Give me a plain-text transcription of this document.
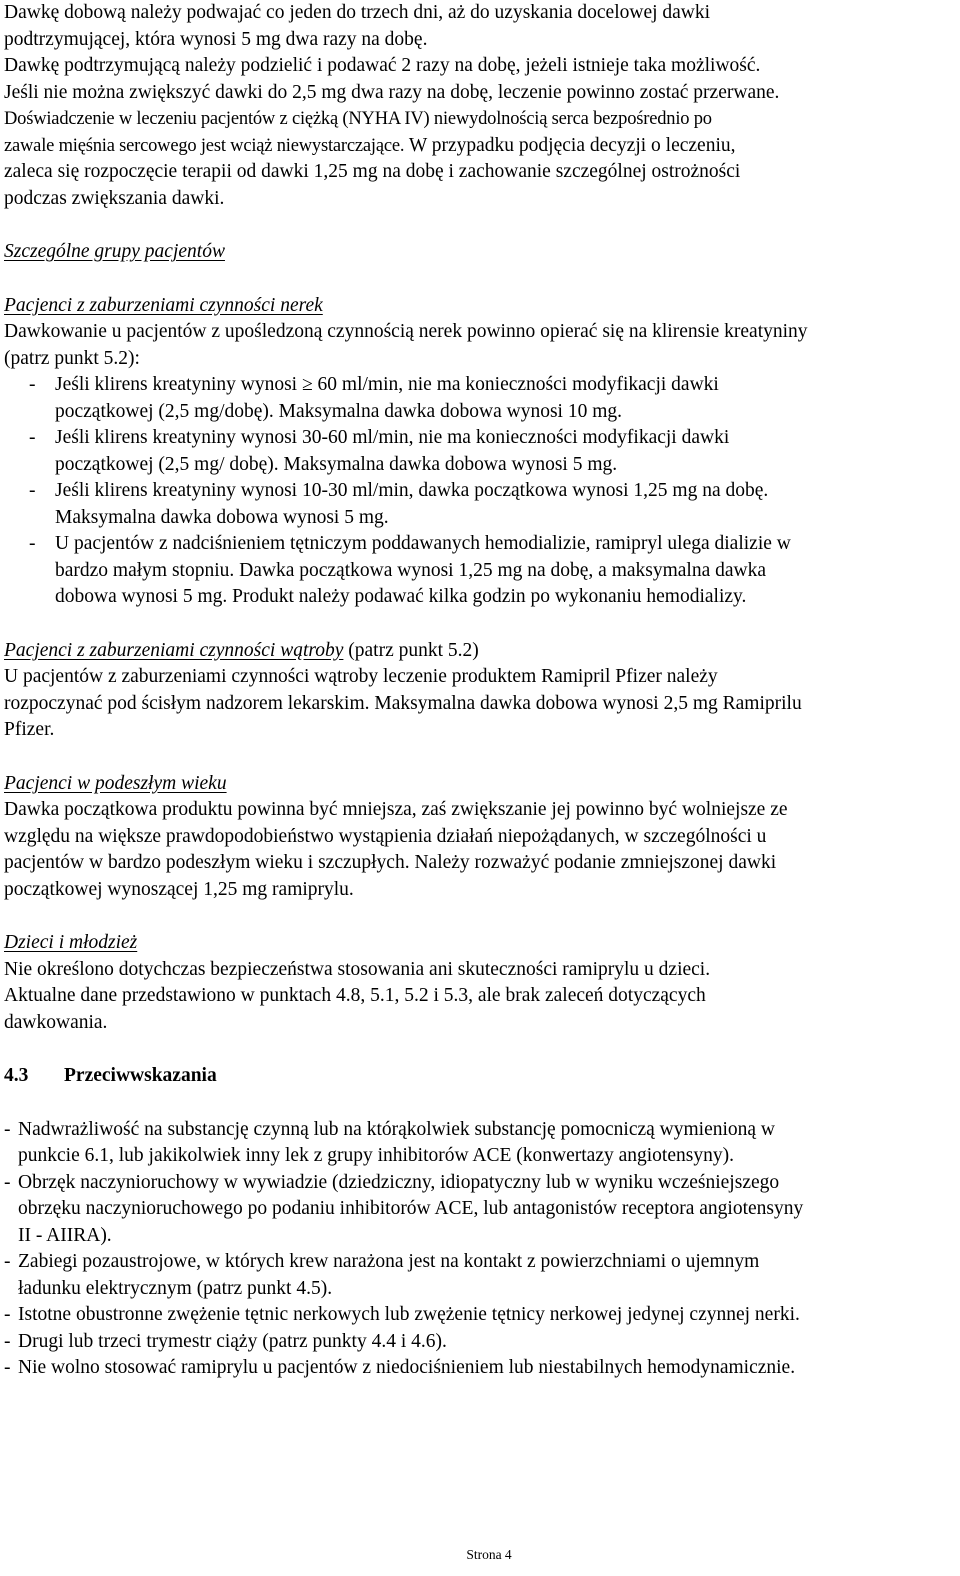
Dawkę dobową należy podwajać co jeden do trzech dni, aż do uzyskania docelowej dawki
podtrzymującej, która wynosi 5 mg dwa razy na dobę.
Dawkę podtrzymującą należy podzielić i podawać 2 razy na dobę, jeżeli istnieje taka możliwość.
Jeśli nie można zwiększyć dawki do 2,5 mg dwa razy na dobę, leczenie powinno zostać przerwane.
Doświadczenie w leczeniu pacjentów z ciężką (NYHA IV) niewydolnością serca bezpośrednio po
zawale mięśnia sercowego jest wciąż niewystarczające. W przypadku podjęcia decyzji o leczeniu,
zaleca się rozpoczęcie terapii od dawki 1,25 mg na dobę i zachowanie szczególnej ostrożności
podczas zwiększania dawki.
Szczególne grupy pacjentów
Pacjenci z zaburzeniami czynności nerek
Dawkowanie u pacjentów z upośledzoną czynnością nerek powinno opierać się na klirensie kreatyniny
(patrz punkt 5.2):
- Jeśli klirens kreatyniny wynosi ≥ 60 ml/min, nie ma konieczności modyfikacji dawki
początkowej (2,5 mg/dobę). Maksymalna dawka dobowa wynosi 10 mg.
- Jeśli klirens kreatyniny wynosi 30-60 ml/min, nie ma konieczności modyfikacji dawki
początkowej (2,5 mg/ dobę). Maksymalna dawka dobowa wynosi 5 mg.
- Jeśli klirens kreatyniny wynosi 10-30 ml/min, dawka początkowa wynosi 1,25 mg na dobę.
Maksymalna dawka dobowa wynosi 5 mg.
- U pacjentów z nadciśnieniem tętniczym poddawanych hemodializie, ramipryl ulega dializie w
bardzo małym stopniu. Dawka początkowa wynosi 1,25 mg na dobę, a maksymalna dawka
dobowa wynosi 5 mg. Produkt należy podawać kilka godzin po wykonaniu hemodializy.
Pacjenci z zaburzeniami czynności wątroby (patrz punkt 5.2)
U pacjentów z zaburzeniami czynności wątroby leczenie produktem Ramipril Pfizer należy
rozpoczynać pod ścisłym nadzorem lekarskim. Maksymalna dawka dobowa wynosi 2,5 mg Ramiprilu
Pfizer.
Pacjenci w podeszłym wieku
Dawka początkowa produktu powinna być mniejsza, zaś zwiększanie jej powinno być wolniejsze ze
względu na większe prawdopodobieństwo wystąpienia działań niepożądanych, w szczególności u
pacjentów w bardzo podeszłym wieku i szczupłych. Należy rozważyć podanie zmniejszonej dawki
początkowej wynoszącej 1,25 mg ramiprylu.
Dzieci i młodzież
Nie określono dotychczas bezpieczeństwa stosowania ani skuteczności ramiprylu u dzieci.
Aktualne dane przedstawiono w punktach 4.8, 5.1, 5.2 i 5.3, ale brak zaleceń dotyczących
dawkowania.
4.3 Przeciwwskazania
- Nadwrażliwość na substancję czynną lub na którąkolwiek substancję pomocniczą wymienioną w
punkcie 6.1, lub jakikolwiek inny lek z grupy inhibitorów ACE (konwertazy angiotensyny).
- Obrzęk naczynioruchowy w wywiadzie (dziedziczny, idiopatyczny lub w wyniku wcześniejszego
obrzęku naczynioruchowego po podaniu inhibitorów ACE, lub antagonistów receptora angiotensyny
II - AIIRA).
- Zabiegi pozaustrojowe, w których krew narażona jest na kontakt z powierzchniami o ujemnym
ładunku elektrycznym (patrz punkt 4.5).
- Istotne obustronne zwężenie tętnic nerkowych lub zwężenie tętnicy nerkowej jedynej czynnej nerki.
- Drugi lub trzeci trymestr ciąży (patrz punkty 4.4 i 4.6).
- Nie wolno stosować ramiprylu u pacjentów z niedociśnieniem lub niestabilnych hemodynamicznie.
Strona 4
